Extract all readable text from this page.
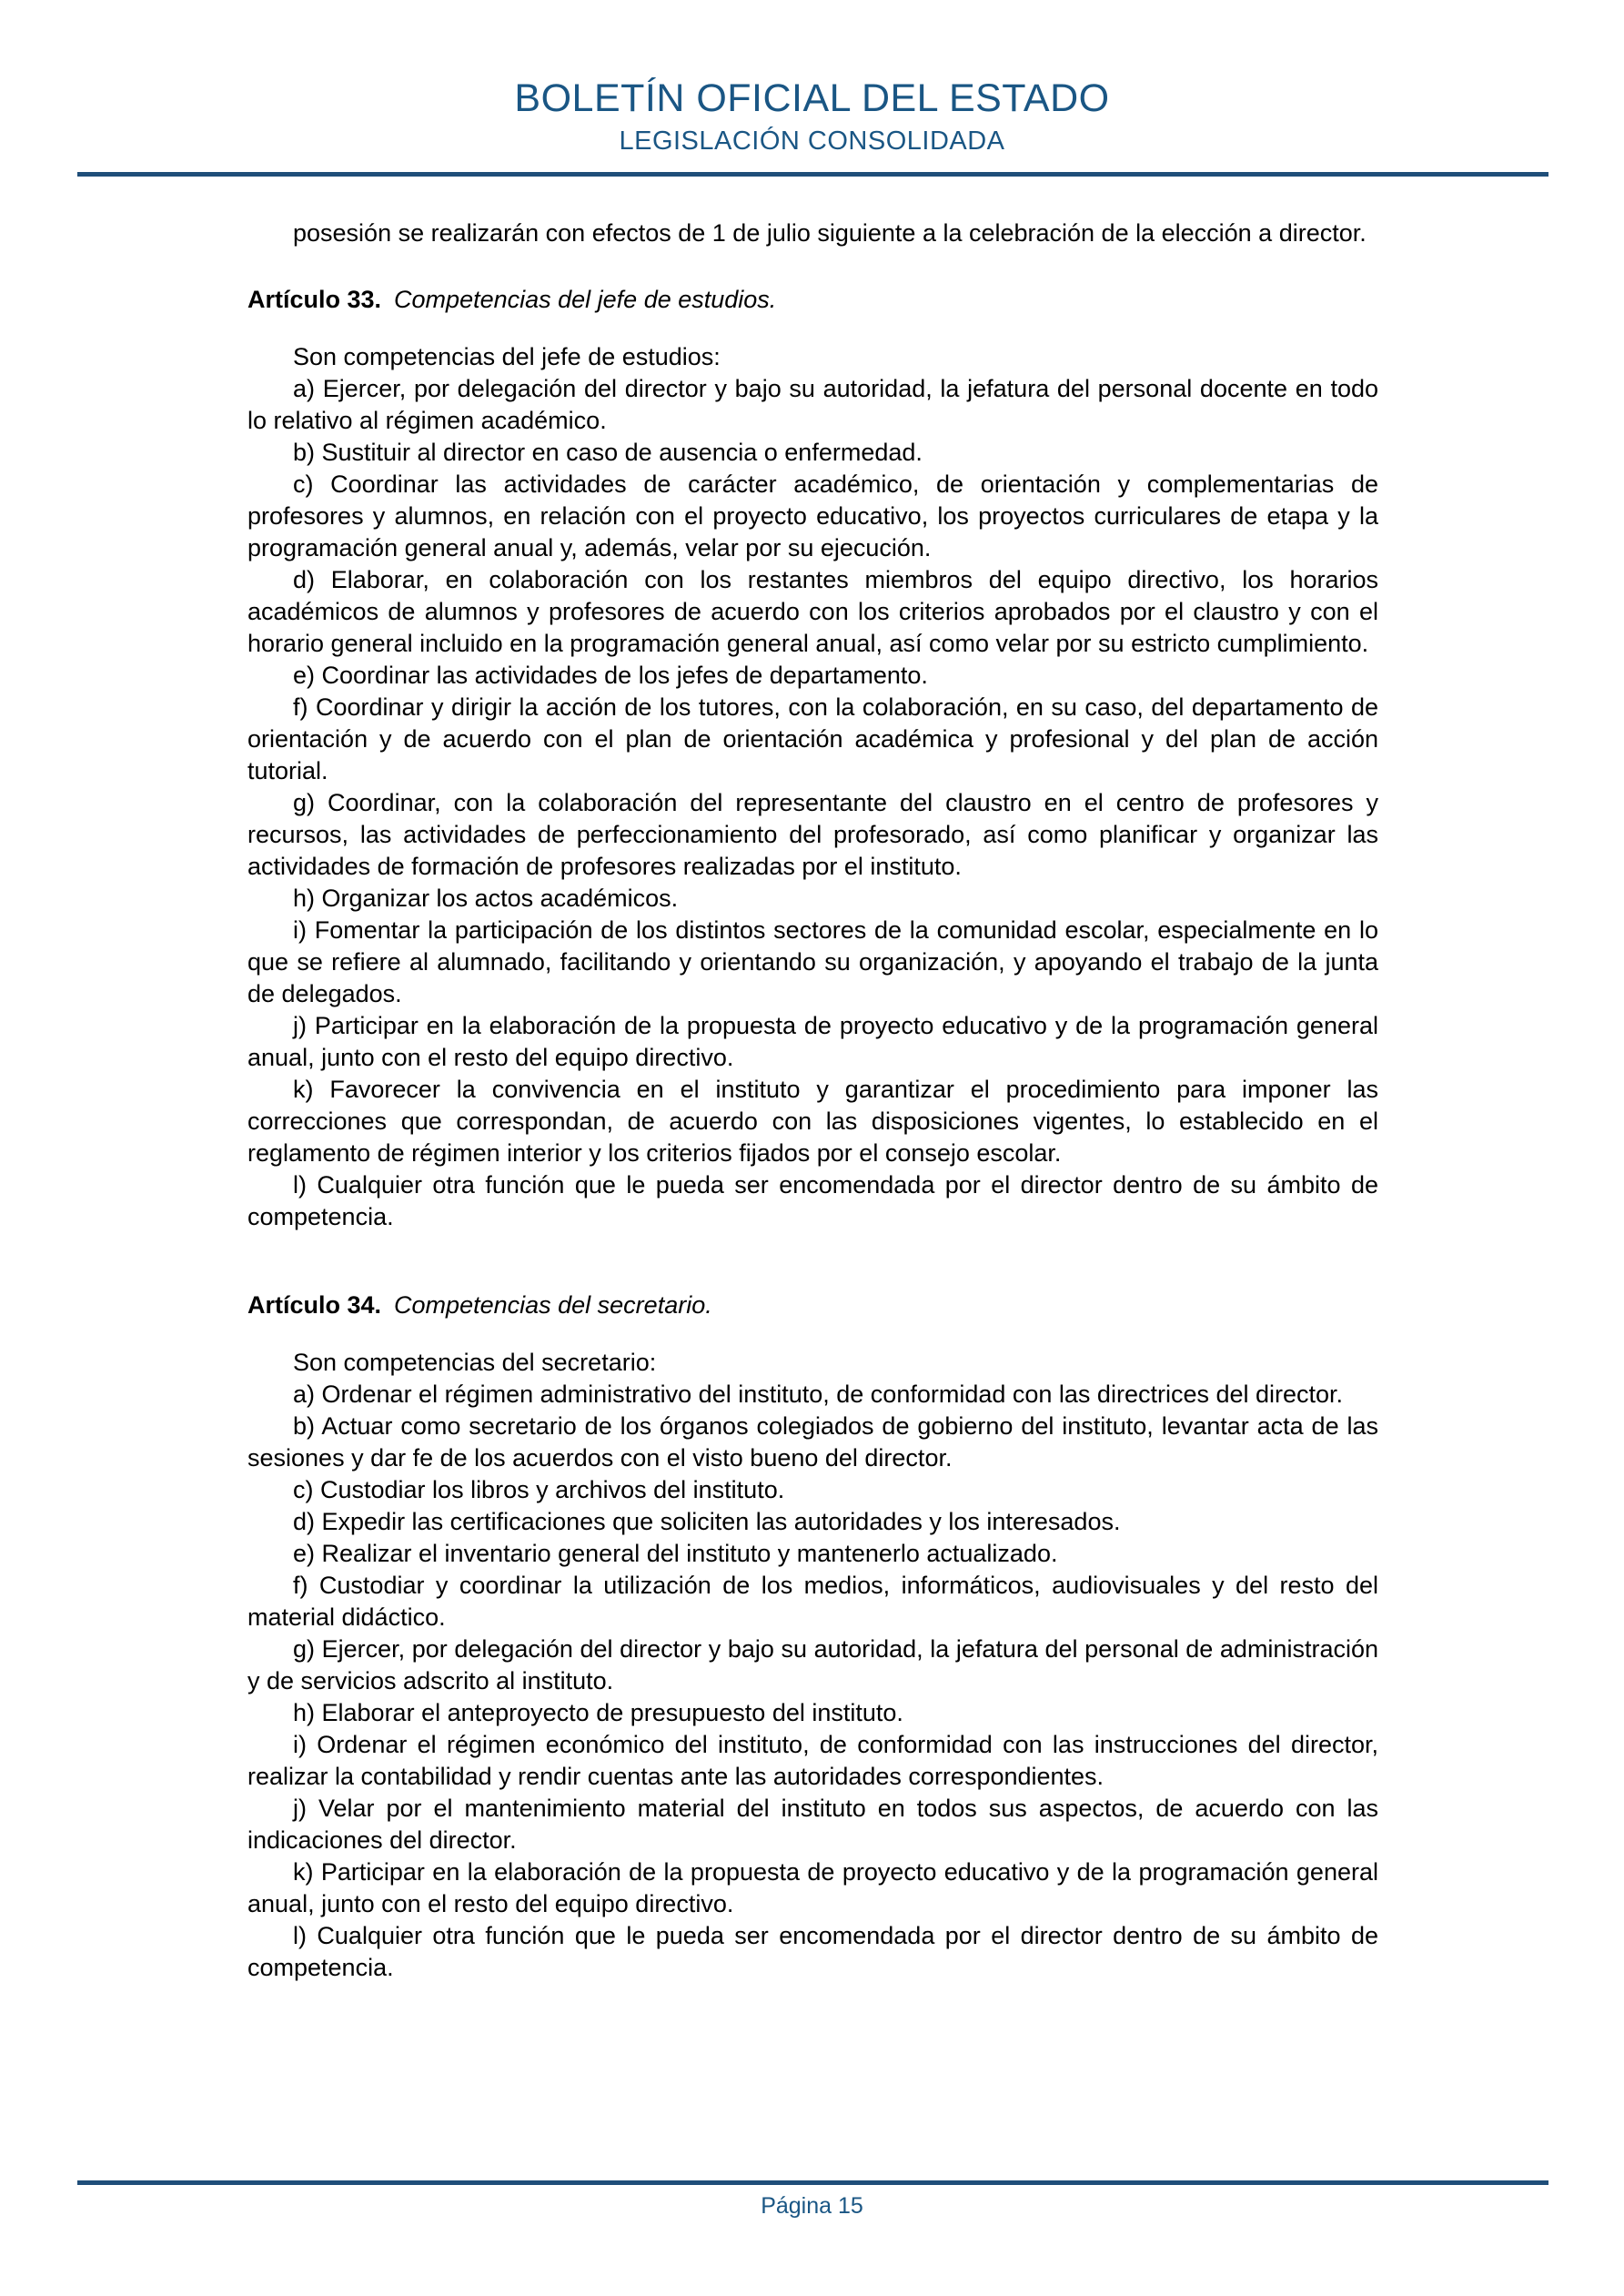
BOLETÍN OFICIAL DEL ESTADO
LEGISLACIÓN CONSOLIDADA

posesión se realizarán con efectos de 1 de julio siguiente a la celebración de la elección a director.

Artículo 33. Competencias del jefe de estudios.

Son competencias del jefe de estudios:

a) Ejercer, por delegación del director y bajo su autoridad, la jefatura del personal docente en todo lo relativo al régimen académico.

b) Sustituir al director en caso de ausencia o enfermedad.

c) Coordinar las actividades de carácter académico, de orientación y complementarias de profesores y alumnos, en relación con el proyecto educativo, los proyectos curriculares de etapa y la programación general anual y, además, velar por su ejecución.

d) Elaborar, en colaboración con los restantes miembros del equipo directivo, los horarios académicos de alumnos y profesores de acuerdo con los criterios aprobados por el claustro y con el horario general incluido en la programación general anual, así como velar por su estricto cumplimiento.

e) Coordinar las actividades de los jefes de departamento.

f) Coordinar y dirigir la acción de los tutores, con la colaboración, en su caso, del departamento de orientación y de acuerdo con el plan de orientación académica y profesional y del plan de acción tutorial.

g) Coordinar, con la colaboración del representante del claustro en el centro de profesores y recursos, las actividades de perfeccionamiento del profesorado, así como planificar y organizar las actividades de formación de profesores realizadas por el instituto.

h) Organizar los actos académicos.

i) Fomentar la participación de los distintos sectores de la comunidad escolar, especialmente en lo que se refiere al alumnado, facilitando y orientando su organización, y apoyando el trabajo de la junta de delegados.

j) Participar en la elaboración de la propuesta de proyecto educativo y de la programación general anual, junto con el resto del equipo directivo.

k) Favorecer la convivencia en el instituto y garantizar el procedimiento para imponer las correcciones que correspondan, de acuerdo con las disposiciones vigentes, lo establecido en el reglamento de régimen interior y los criterios fijados por el consejo escolar.

l) Cualquier otra función que le pueda ser encomendada por el director dentro de su ámbito de competencia.

Artículo 34. Competencias del secretario.

Son competencias del secretario:

a) Ordenar el régimen administrativo del instituto, de conformidad con las directrices del director.

b) Actuar como secretario de los órganos colegiados de gobierno del instituto, levantar acta de las sesiones y dar fe de los acuerdos con el visto bueno del director.

c) Custodiar los libros y archivos del instituto.

d) Expedir las certificaciones que soliciten las autoridades y los interesados.

e) Realizar el inventario general del instituto y mantenerlo actualizado.

f) Custodiar y coordinar la utilización de los medios, informáticos, audiovisuales y del resto del material didáctico.

g) Ejercer, por delegación del director y bajo su autoridad, la jefatura del personal de administración y de servicios adscrito al instituto.

h) Elaborar el anteproyecto de presupuesto del instituto.

i) Ordenar el régimen económico del instituto, de conformidad con las instrucciones del director, realizar la contabilidad y rendir cuentas ante las autoridades correspondientes.

j) Velar por el mantenimiento material del instituto en todos sus aspectos, de acuerdo con las indicaciones del director.

k) Participar en la elaboración de la propuesta de proyecto educativo y de la programación general anual, junto con el resto del equipo directivo.

l) Cualquier otra función que le pueda ser encomendada por el director dentro de su ámbito de competencia.

Página 15
